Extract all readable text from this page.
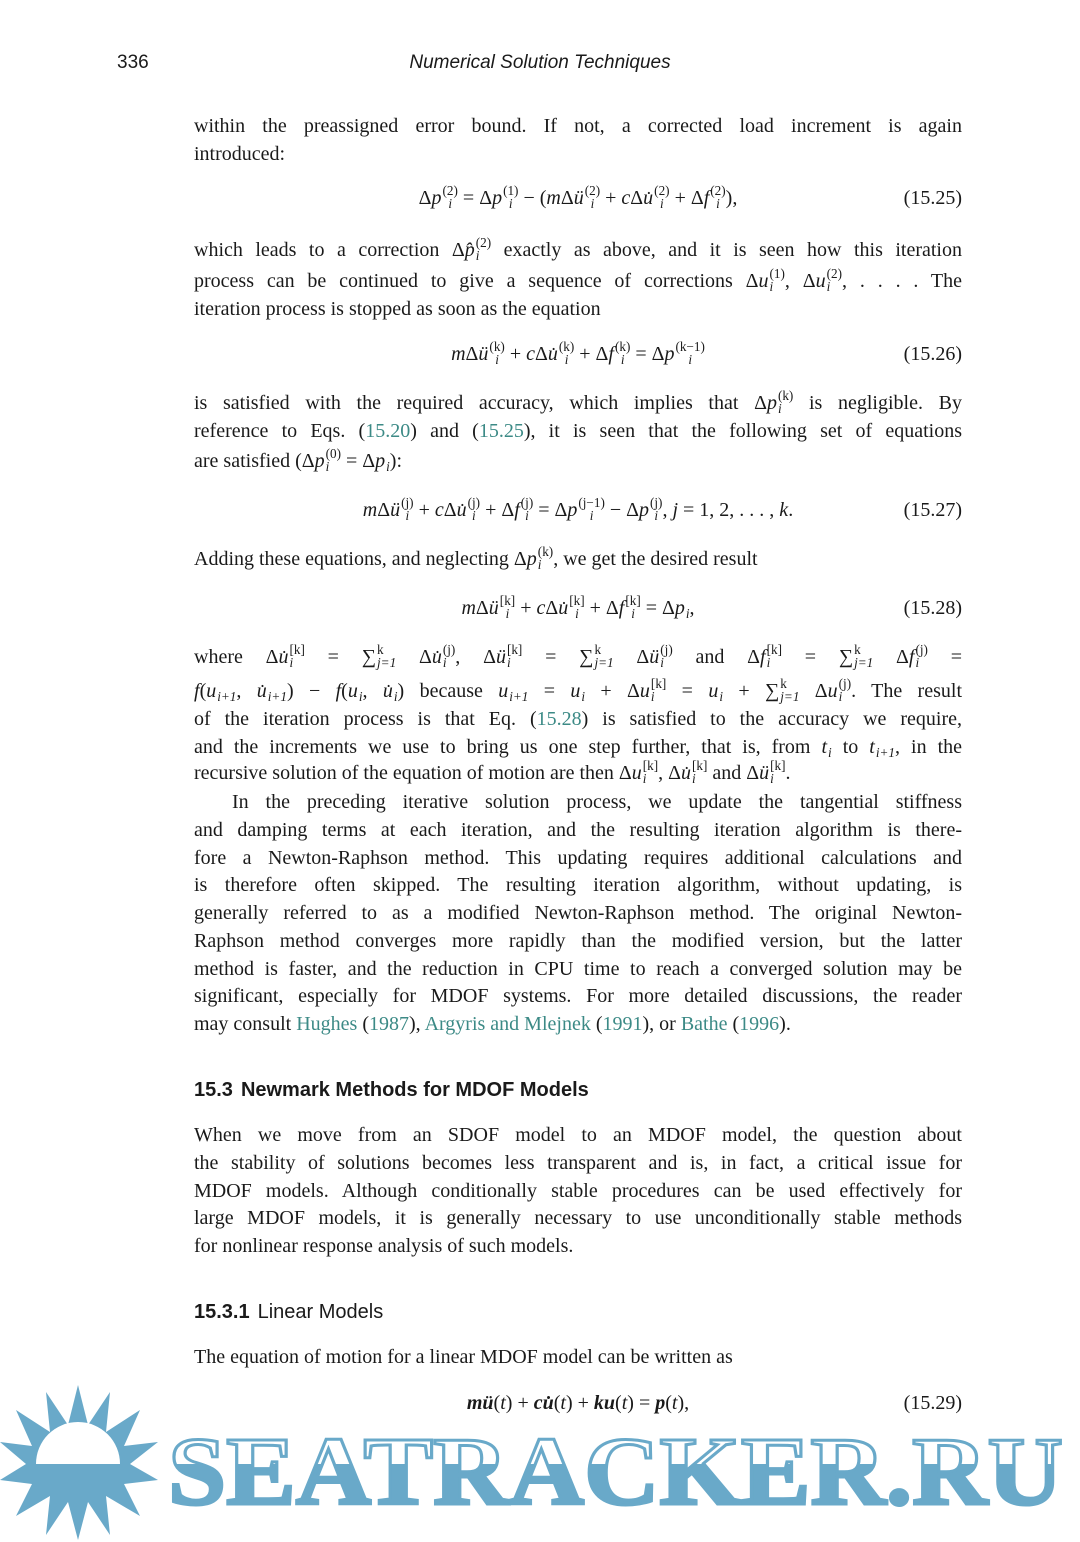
336	Numerical Solution Techniques
within the preassigned error bound. If not, a corrected load increment is again
introduced:
Δp (2)
i = Δp (1)
i − (mΔü (2)
i + cΔu̇ (2)
i + Δf (2)
i ),	(15.25)
which leads to a correction Δp̂ (2)
i exactly as above, and it is seen how this iteration
process can be continued to give a sequence of corrections Δu (1)
i , Δu (2)
i , . . . . The
iteration process is stopped as soon as the equation
mΔü (k)
i + cΔu̇ (k)
i + Δf (k)
i = Δp (k−1)
i	(15.26)
is satisfied with the required accuracy, which implies that Δp (k)
i is negligible. By
reference to Eqs. (15.20) and (15.25), it is seen that the following set of equations
are satisfied (Δp (0)
i = Δp
i ):
mΔü (j)
i + cΔu̇ (j)
i + Δf (j)
i = Δp (j−1)
i − Δp (j)
i , j = 1, 2, . . . , k.	(15.27)
Adding these equations, and neglecting Δp (k)
i , we get the desired result
mΔü [k]
i + cΔu̇ [k]
i + Δf [k]
i = Δp
i ,	(15.28)
where Δu̇ [k]
i = ∑ k
j=1 Δu̇ (j)
i , Δü [k]
i = ∑ k
j=1 Δü (j)
i and Δf [k]
i = ∑ k
j=1 Δf (j)
i =
f(u
i+1 , u̇
i+1 ) − f(u
i , u̇
i ) because u
i+1 = u
i + Δu [k]
i = u
i + ∑ k
j=1 Δu (j)
i . The result
of the iteration process is that Eq. (15.28) is satisfied to the accuracy we require,
and the increments we use to bring us one step further, that is, from t
i to t
i+1 , in the
recursive solution of the equation of motion are then Δu [k]
i , Δu̇ [k]
i and Δü [k]
i .
In the preceding iterative solution process, we update the tangential stiffness
and damping terms at each iteration, and the resulting iteration algorithm is there-
fore a Newton-Raphson method. This updating requires additional calculations and
is therefore often skipped. The resulting iteration algorithm, without updating, is
generally referred to as a modified Newton-Raphson method. The original Newton-
Raphson method converges more rapidly than the modified version, but the latter
method is faster, and the reduction in CPU time to reach a converged solution may be
significant, especially for MDOF systems. For more detailed discussions, the reader
may consult Hughes (1987), Argyris and Mlejnek (1991), or Bathe (1996).
15.3 Newmark Methods for MDOF Models
When we move from an SDOF model to an MDOF model, the question about
the stability of solutions becomes less transparent and is, in fact, a critical issue for
MDOF models. Although conditionally stable procedures can be used effectively for
large MDOF models, it is generally necessary to use unconditionally stable methods
for nonlinear response analysis of such models.
15.3.1 Linear Models
The equation of motion for a linear MDOF model can be written as
mü(t) + cu̇(t) + ku(t) = p(t),	(15.29)
SEATRACKER.RU
